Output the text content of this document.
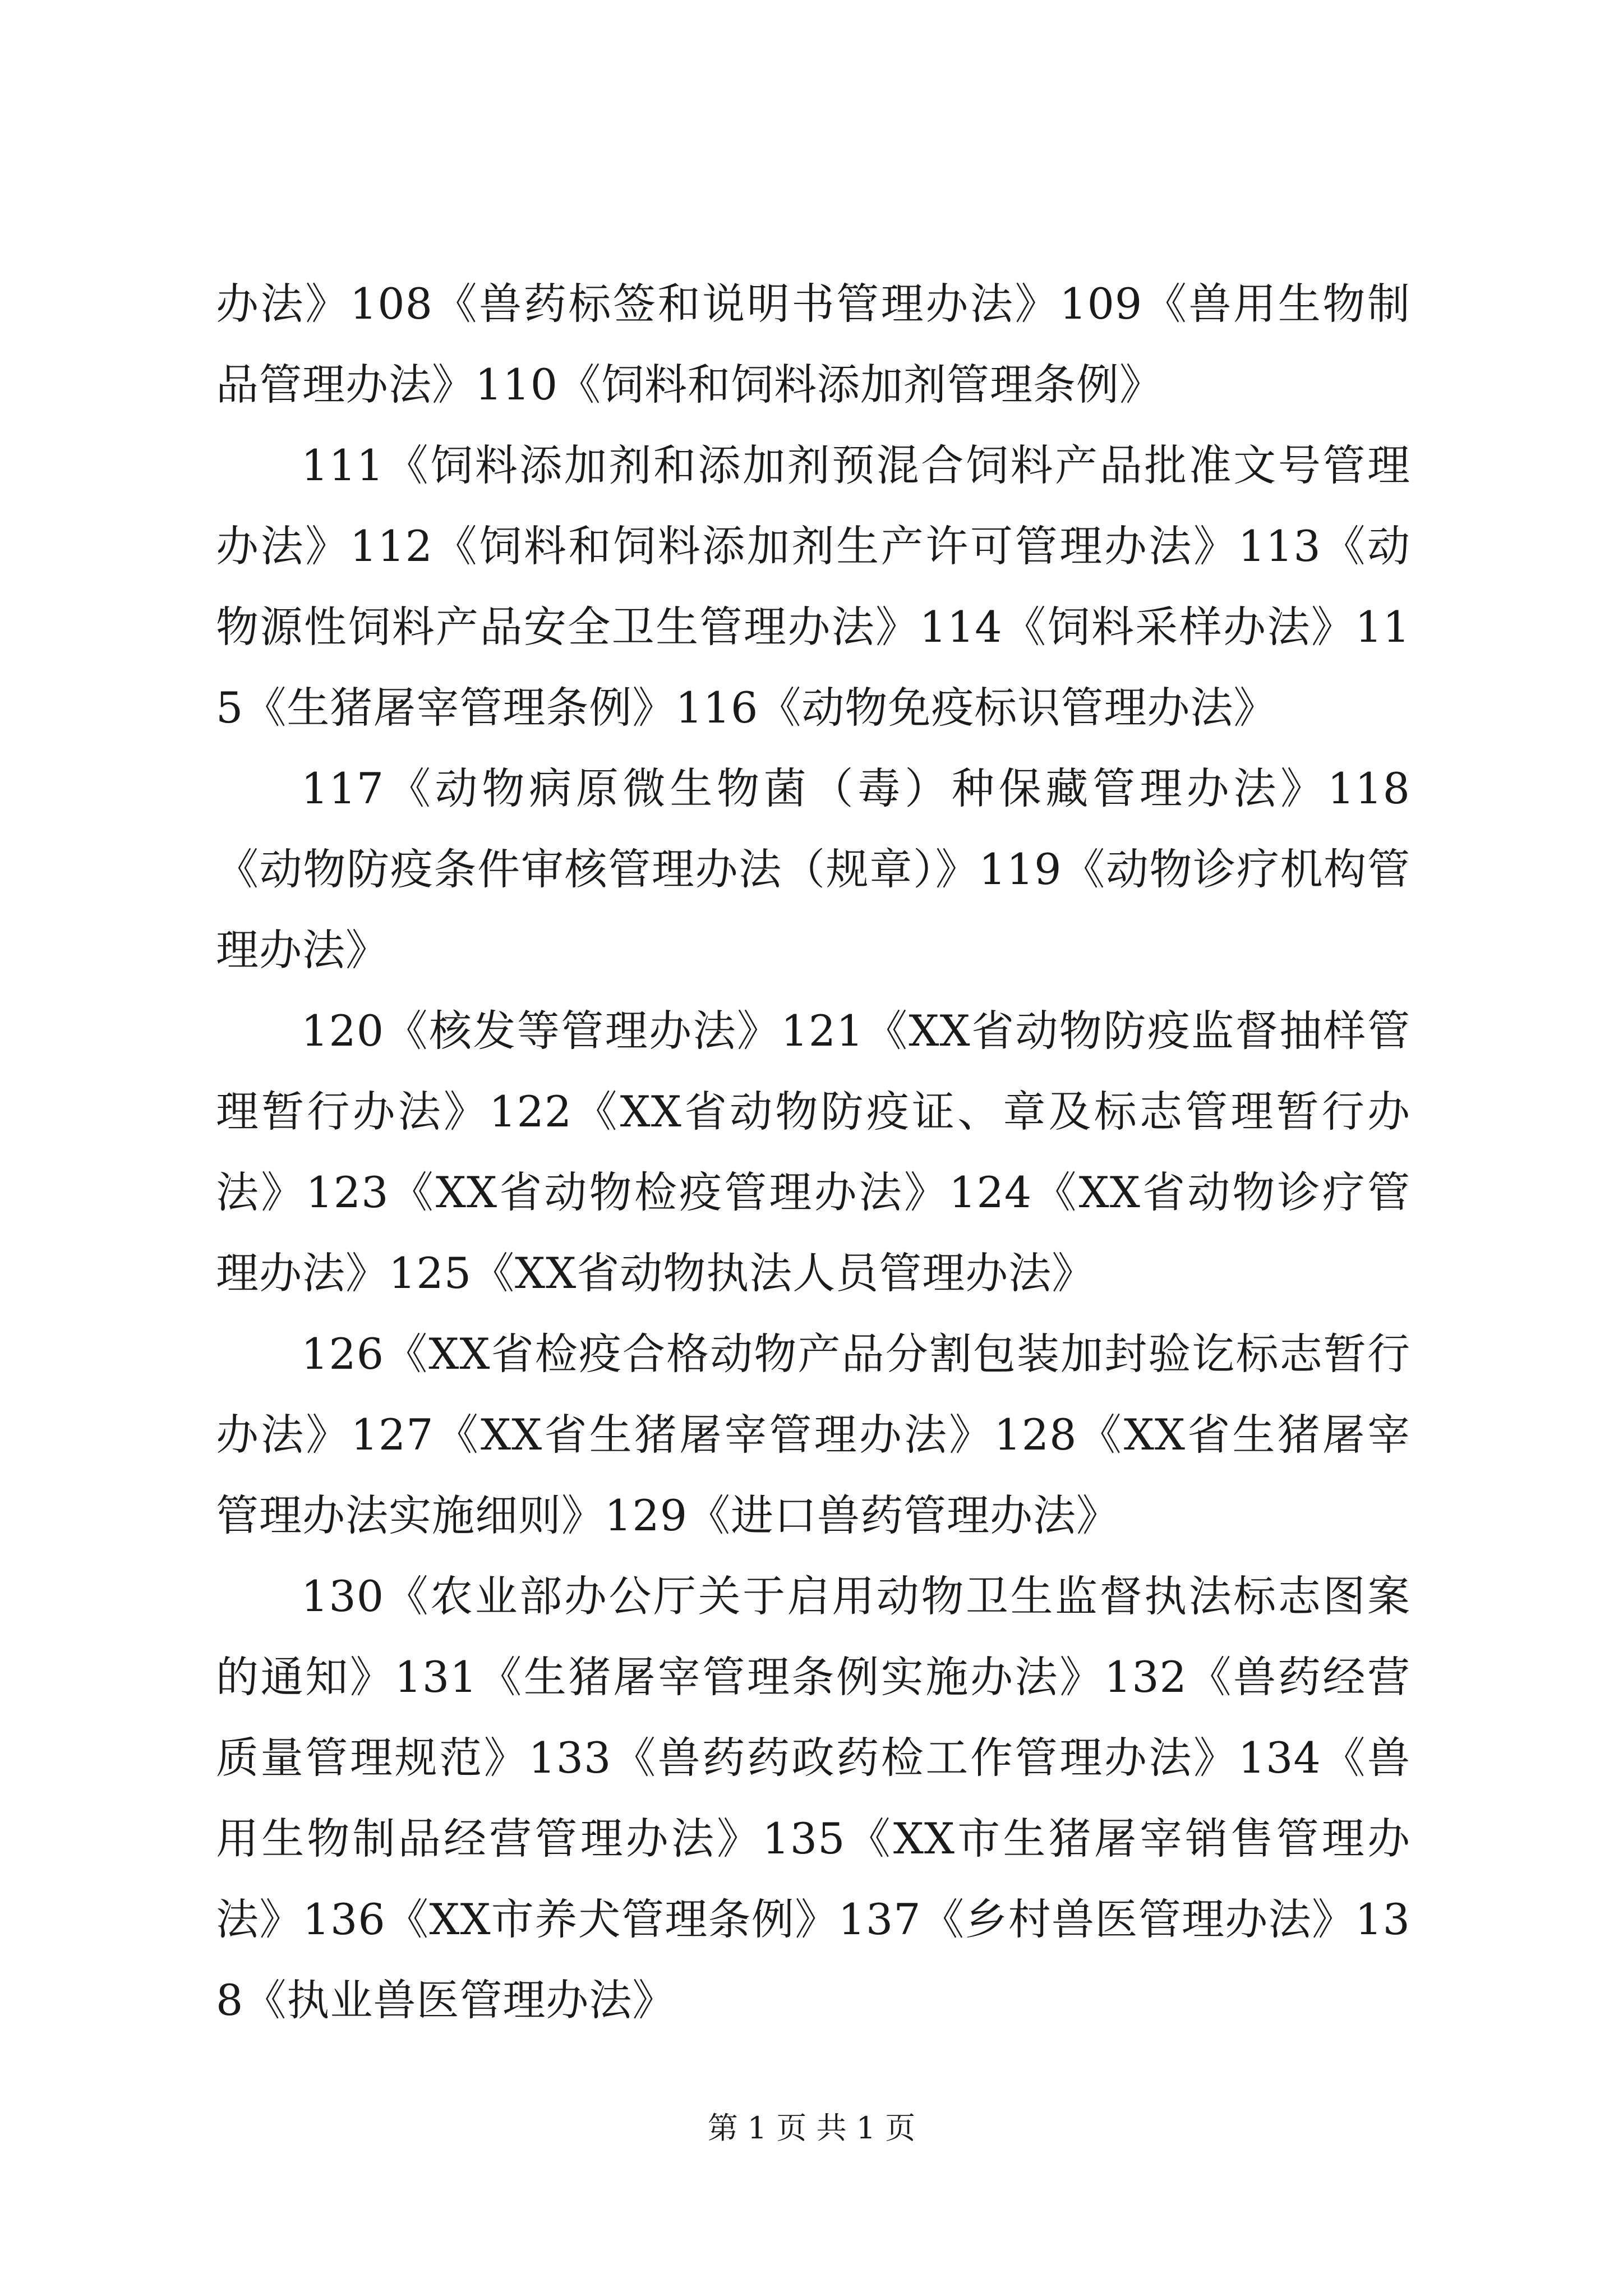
办法》108《兽药标签和说明书管理办法》109《兽用生物制品管理办法》110《饲料和饲料添加剂管理条例》

111《饲料添加剂和添加剂预混合饲料产品批准文号管理办法》112《饲料和饲料添加剂生产许可管理办法》113《动物源性饲料产品安全卫生管理办法》114《饲料采样办法》115《生猪屠宰管理条例》116《动物免疫标识管理办法》

117《动物病原微生物菌（毒）种保藏管理办法》118《动物防疫条件审核管理办法（规章）》119《动物诊疗机构管理办法》

120《核发等管理办法》121《XX省动物防疫监督抽样管理暂行办法》122《XX省动物防疫证、章及标志管理暂行办法》123《XX省动物检疫管理办法》124《XX省动物诊疗管理办法》125《XX省动物执法人员管理办法》

126《XX省检疫合格动物产品分割包装加封验讫标志暂行办法》127《XX省生猪屠宰管理办法》128《XX省生猪屠宰管理办法实施细则》129《进口兽药管理办法》

130《农业部办公厅关于启用动物卫生监督执法标志图案的通知》131《生猪屠宰管理条例实施办法》132《兽药经营质量管理规范》133《兽药药政药检工作管理办法》134《兽用生物制品经营管理办法》135《XX市生猪屠宰销售管理办法》136《XX市养犬管理条例》137《乡村兽医管理办法》138《执业兽医管理办法》

第 1 页 共 1 页
